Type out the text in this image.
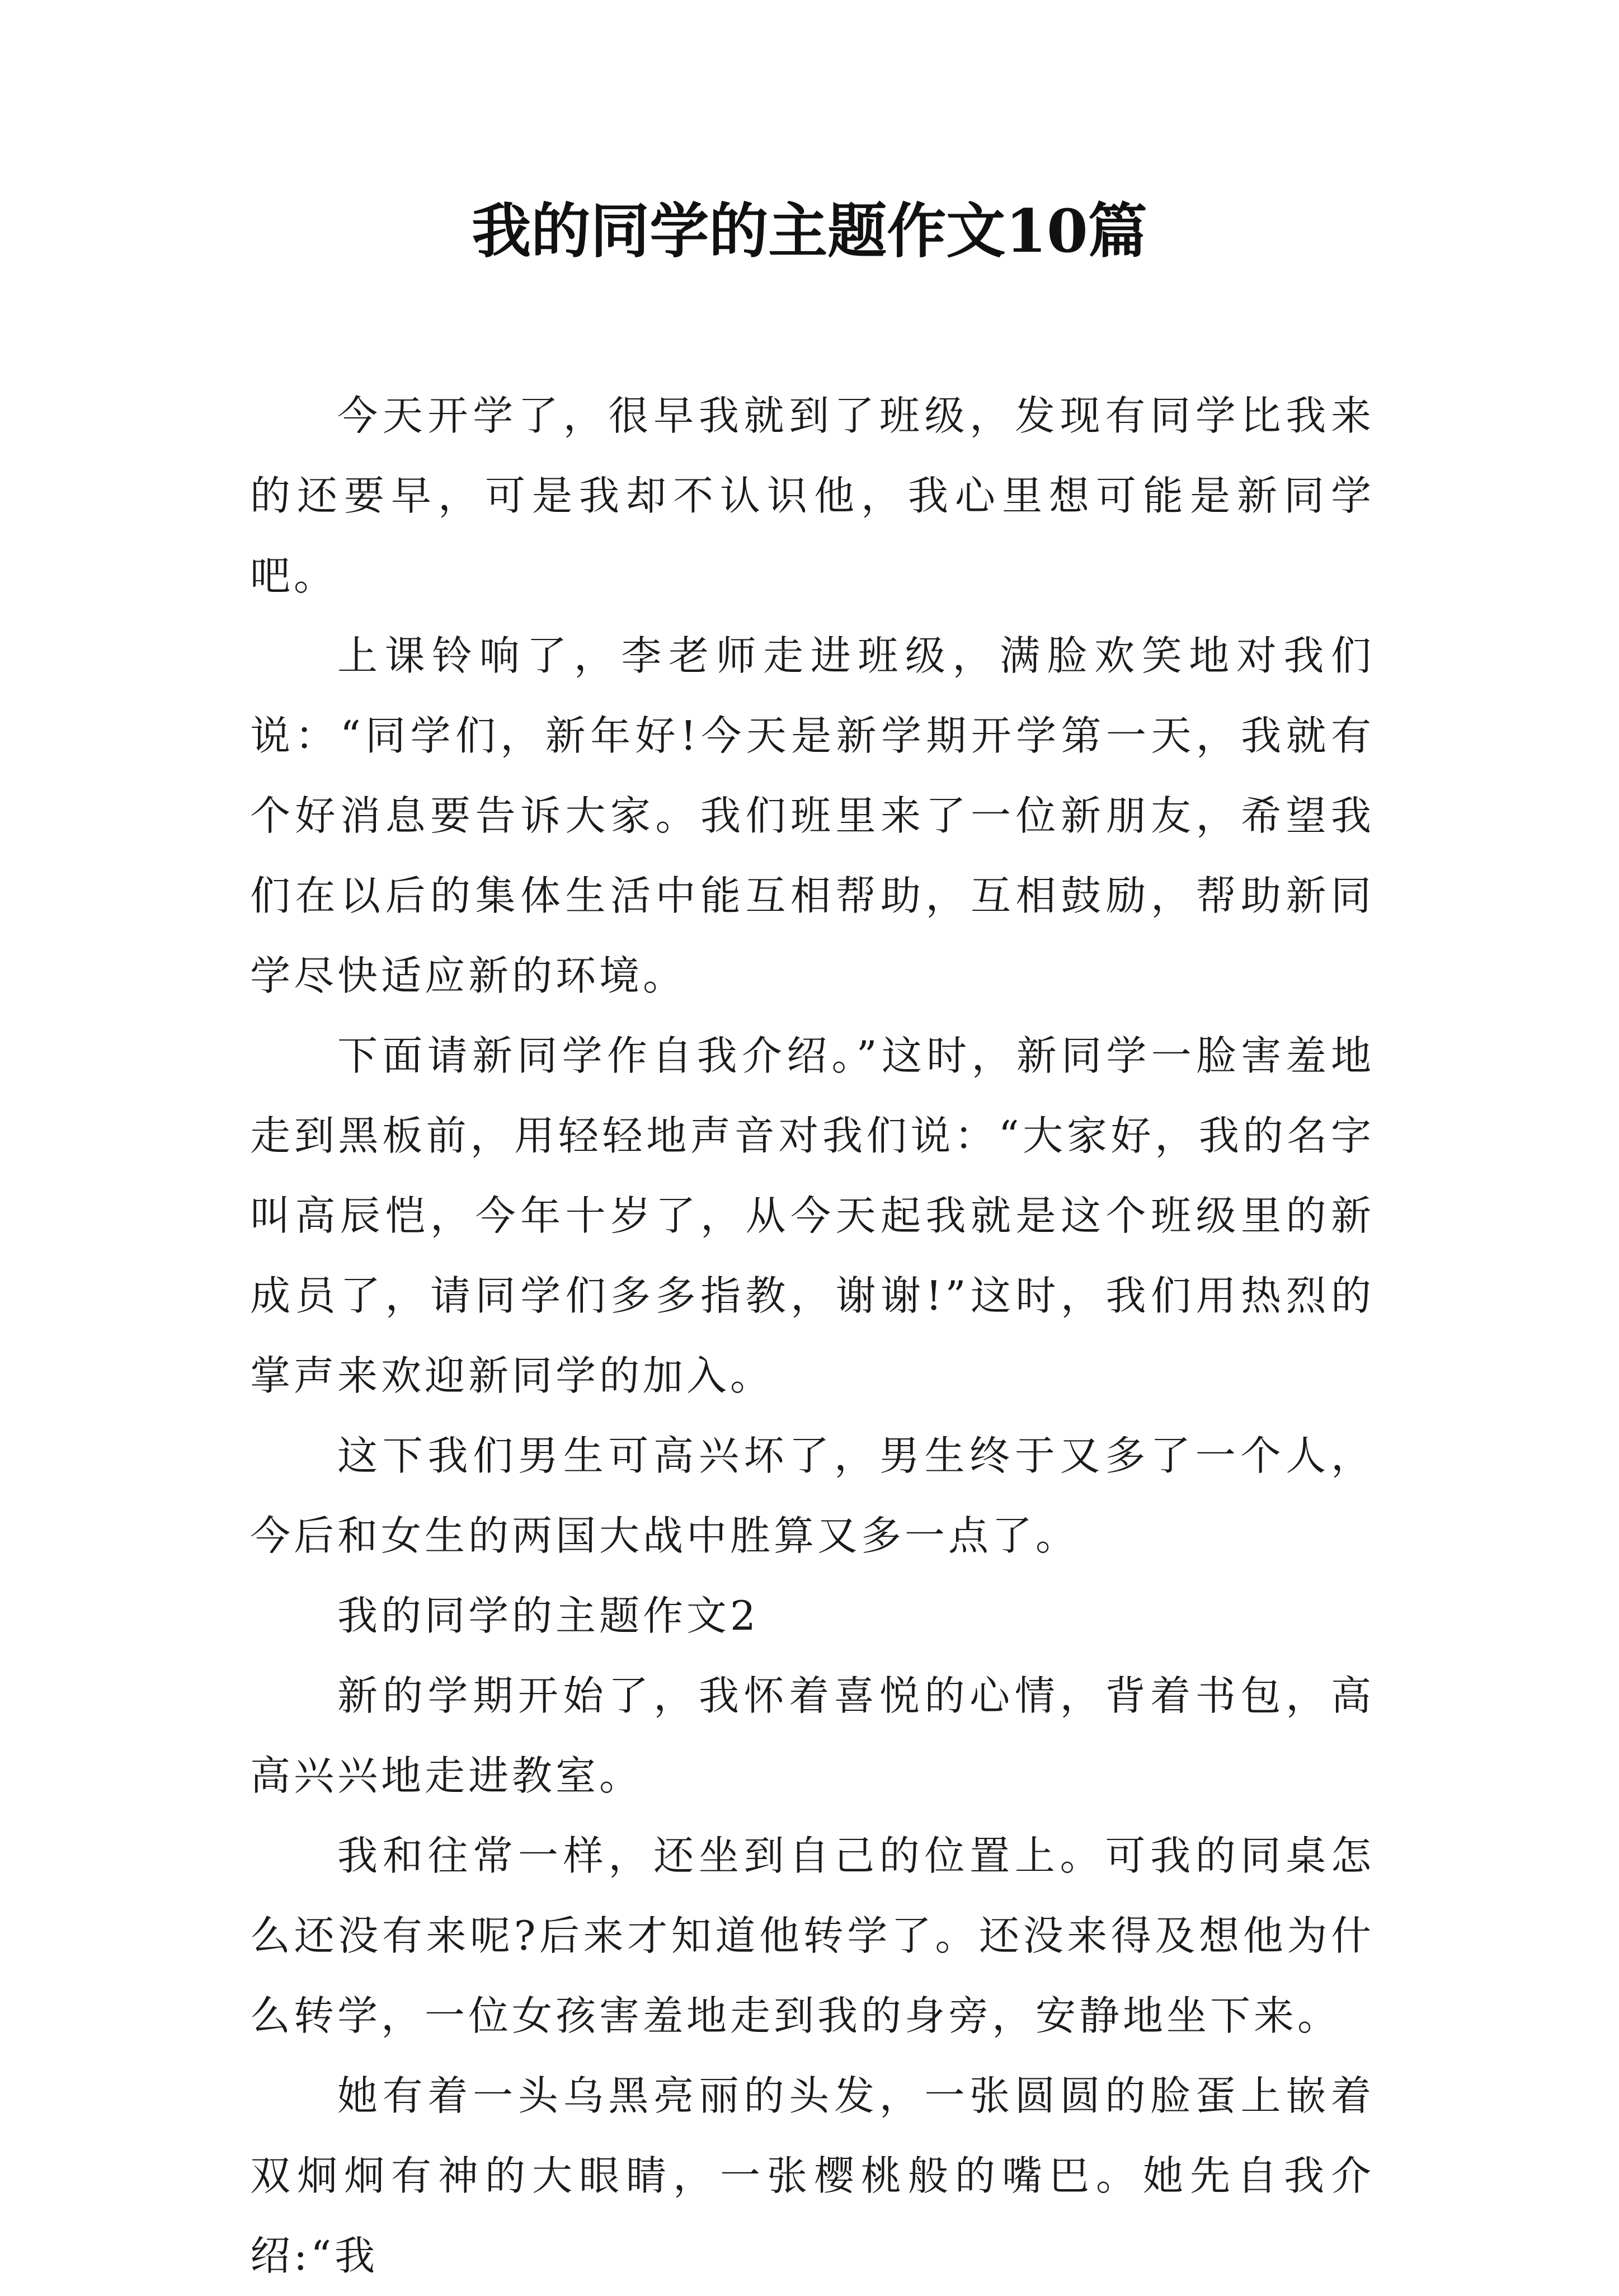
我的同学的主题作文10篇

今天开学了，很早我就到了班级，发现有同学比我来的还要早，可是我却不认识他，我心里想可能是新同学吧。

上课铃响了，李老师走进班级，满脸欢笑地对我们说：“同学们，新年好!今天是新学期开学第一天，我就有个好消息要告诉大家。我们班里来了一位新朋友，希望我们在以后的集体生活中能互相帮助，互相鼓励，帮助新同学尽快适应新的环境。

下面请新同学作自我介绍。”这时，新同学一脸害羞地走到黑板前，用轻轻地声音对我们说：“大家好，我的名字叫高辰恺，今年十岁了，从今天起我就是这个班级里的新成员了，请同学们多多指教，谢谢!”这时，我们用热烈的掌声来欢迎新同学的加入。

这下我们男生可高兴坏了，男生终于又多了一个人，今后和女生的两国大战中胜算又多一点了。

我的同学的主题作文2

新的学期开始了，我怀着喜悦的心情，背着书包，高高兴兴地走进教室。

我和往常一样，还坐到自己的位置上。可我的同桌怎么还没有来呢?后来才知道他转学了。还没来得及想他为什么转学，一位女孩害羞地走到我的身旁，安静地坐下来。

她有着一头乌黑亮丽的头发，一张圆圆的脸蛋上嵌着双炯炯有神的大眼睛，一张樱桃般的嘴巴。她先自我介绍:“我
